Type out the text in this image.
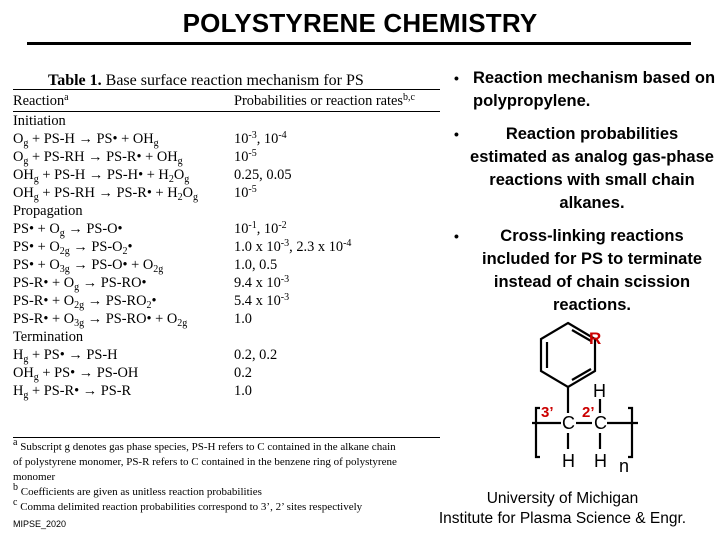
POLYSTYRENE CHEMISTRY
Table 1. Base surface reaction mechanism for PS
Reaction$^a$	Probabilities or reaction rates$^{b,c}$
Initiation
$O_g + PS-H$ → PS• + $OH_g$	$10^{-3}$, $10^{-4}$
$O_g + PS-RH$ → PS-R• + $OH_g$	$10^{-5}$
$OH_g + PS-H$ → PS-H• + $H_2O_g$	0.25, 0.05
$OH_g + PS-RH$ → PS-R• + $H_2O_g$ $10^{-5}$
Propagation
PS• + $O_g$ → PS-O•	$10^{-1}$, $10^{-2}$
PS• + $O_{2g}$ → $PS-O_2•$	1.0 x $10^{-3}$, 2.3 x $10^{-4}$
PS• + $O_{3g}$ → PS-O• + $O_{2g}$	1.0, 0.5
PS-R• + $O_g$ → PS-RO•	9.4 x $10^{-3}$
PS-R• + $O_{2g}$ → $PS-RO_2•$	5.4 x $10^{-3}$
PS-R• + $O_{3g}$ → PS-RO• + $O_{2g}$	1.0
Termination
$H_g$ + PS• → PS-H	0.2, 0.2
$OH_g$ + PS• → PS-OH	0.2
$H_g$ + PS-R• → PS-R	1.0
$^a$ Subscript g denotes gas phase species, PS-H refers to C contained in the alkane chain
of polystyrene monomer, PS-R refers to C contained in the benzene ring of polystyrene
monomer
$^b$ Coefficients are given as unitless reaction probabilities
$^c$ Comma delimited reaction probabilities correspond to 3’, 2’ sites respectively
MIPSE_2020
• Reaction mechanism based on polypropylene.
•	Reaction probabilities estimated as analog gas-phase reactions with small chain alkanes.
•	Cross-linking reactions included for PS to terminate instead of chain scission reactions.
R
H
3’ 2’
C C
H H n
University of Michigan
Institute for Plasma Science & Engr.
